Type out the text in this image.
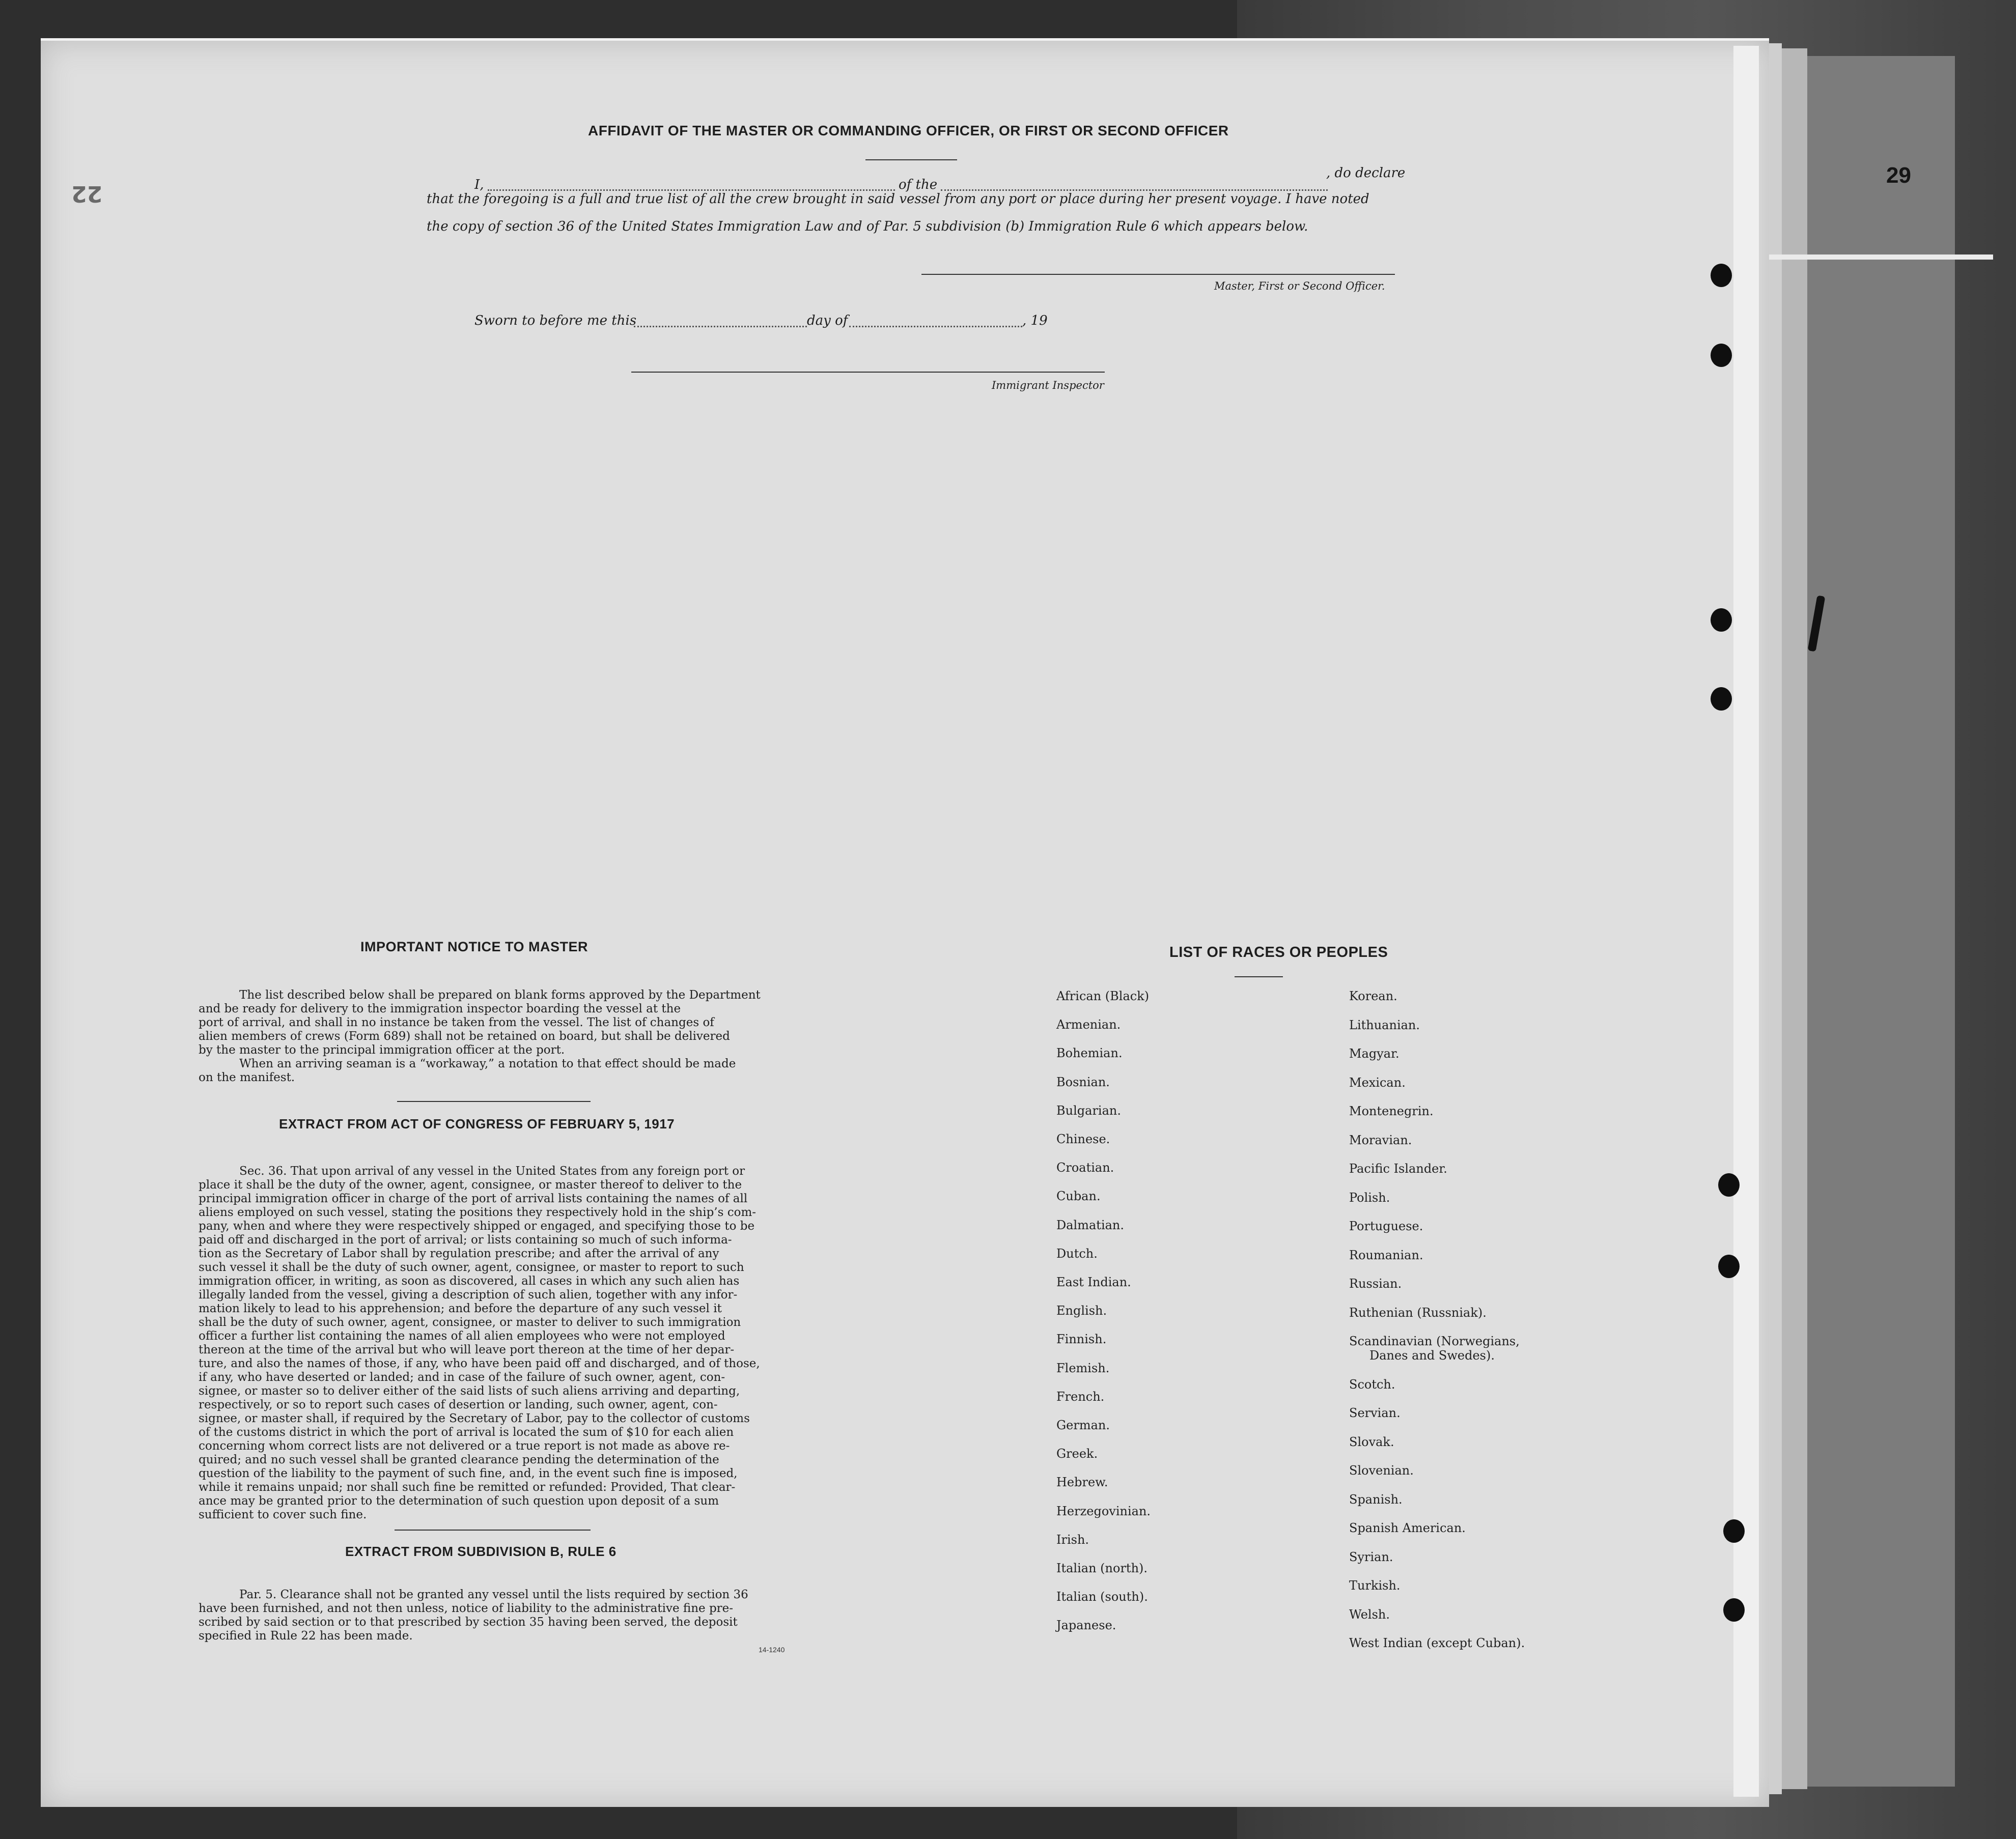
29
22
AFFIDAVIT OF THE MASTER OR COMMANDING OFFICER, OR FIRST OR SECOND OFFICER
I,	of the
, do declare
that the foregoing is a full and true list of all the crew brought in said vessel from any port or place during her present voyage. I have noted
the copy of section 36 of the United States Immigration Law and of Par. 5 subdivision (b) Immigration Rule 6 which appears below.
Master, First or Second Officer.
Sworn to before me this	day of	, 19
Immigrant Inspector
IMPORTANT NOTICE TO MASTER
The list described below shall be prepared on blank forms approved by the Department
and be ready for delivery to the immigration inspector boarding the vessel at the
port of arrival, and shall in no instance be taken from the vessel. The list of changes of
alien members of crews (Form 689) shall not be retained on board, but shall be delivered
by the master to the principal immigration officer at the port.
When an arriving seaman is a “workaway,” a notation to that effect should be made
on the manifest.
EXTRACT FROM ACT OF CONGRESS OF FEBRUARY 5, 1917
Sec. 36. That upon arrival of any vessel in the United States from any foreign port or
place it shall be the duty of the owner, agent, consignee, or master thereof to deliver to the
principal immigration officer in charge of the port of arrival lists containing the names of all
aliens employed on such vessel, stating the positions they respectively hold in the ship’s com-
pany, when and where they were respectively shipped or engaged, and specifying those to be
paid off and discharged in the port of arrival; or lists containing so much of such informa-
tion as the Secretary of Labor shall by regulation prescribe; and after the arrival of any
such vessel it shall be the duty of such owner, agent, consignee, or master to report to such
immigration officer, in writing, as soon as discovered, all cases in which any such alien has
illegally landed from the vessel, giving a description of such alien, together with any infor-
mation likely to lead to his apprehension; and before the departure of any such vessel it
shall be the duty of such owner, agent, consignee, or master to deliver to such immigration
officer a further list containing the names of all alien employees who were not employed
thereon at the time of the arrival but who will leave port thereon at the time of her depar-
ture, and also the names of those, if any, who have been paid off and discharged, and of those,
if any, who have deserted or landed; and in case of the failure of such owner, agent, con-
signee, or master so to deliver either of the said lists of such aliens arriving and departing,
respectively, or so to report such cases of desertion or landing, such owner, agent, con-
signee, or master shall, if required by the Secretary of Labor, pay to the collector of customs
of the customs district in which the port of arrival is located the sum of $10 for each alien
concerning whom correct lists are not delivered or a true report is not made as above re-
quired; and no such vessel shall be granted clearance pending the determination of the
question of the liability to the payment of such fine, and, in the event such fine is imposed,
while it remains unpaid; nor shall such fine be remitted or refunded: Provided, That clear-
ance may be granted prior to the determination of such question upon deposit of a sum
sufficient to cover such fine.
EXTRACT FROM SUBDIVISION B, RULE 6
Par. 5. Clearance shall not be granted any vessel until the lists required by section 36
have been furnished, and not then unless, notice of liability to the administrative fine pre-
scribed by said section or to that prescribed by section 35 having been served, the deposit
specified in Rule 22 has been made.
14-1240
LIST OF RACES OR PEOPLES
African (Black)
Armenian.
Bohemian.
Bosnian.
Bulgarian.
Chinese.
Croatian.
Cuban.
Dalmatian.
Dutch.
East Indian.
English.
Finnish.
Flemish.
French.
German.
Greek.
Hebrew.
Herzegovinian.
Irish.
Italian (north).
Italian (south).
Japanese.
Korean.
Lithuanian.
Magyar.
Mexican.
Montenegrin.
Moravian.
Pacific Islander.
Polish.
Portuguese.
Roumanian.
Russian.
Ruthenian (Russniak).
Scandinavian (Norwegians,
Danes and Swedes).
Scotch.
Servian.
Slovak.
Slovenian.
Spanish.
Spanish American.
Syrian.
Turkish.
Welsh.
West Indian (except Cuban).
